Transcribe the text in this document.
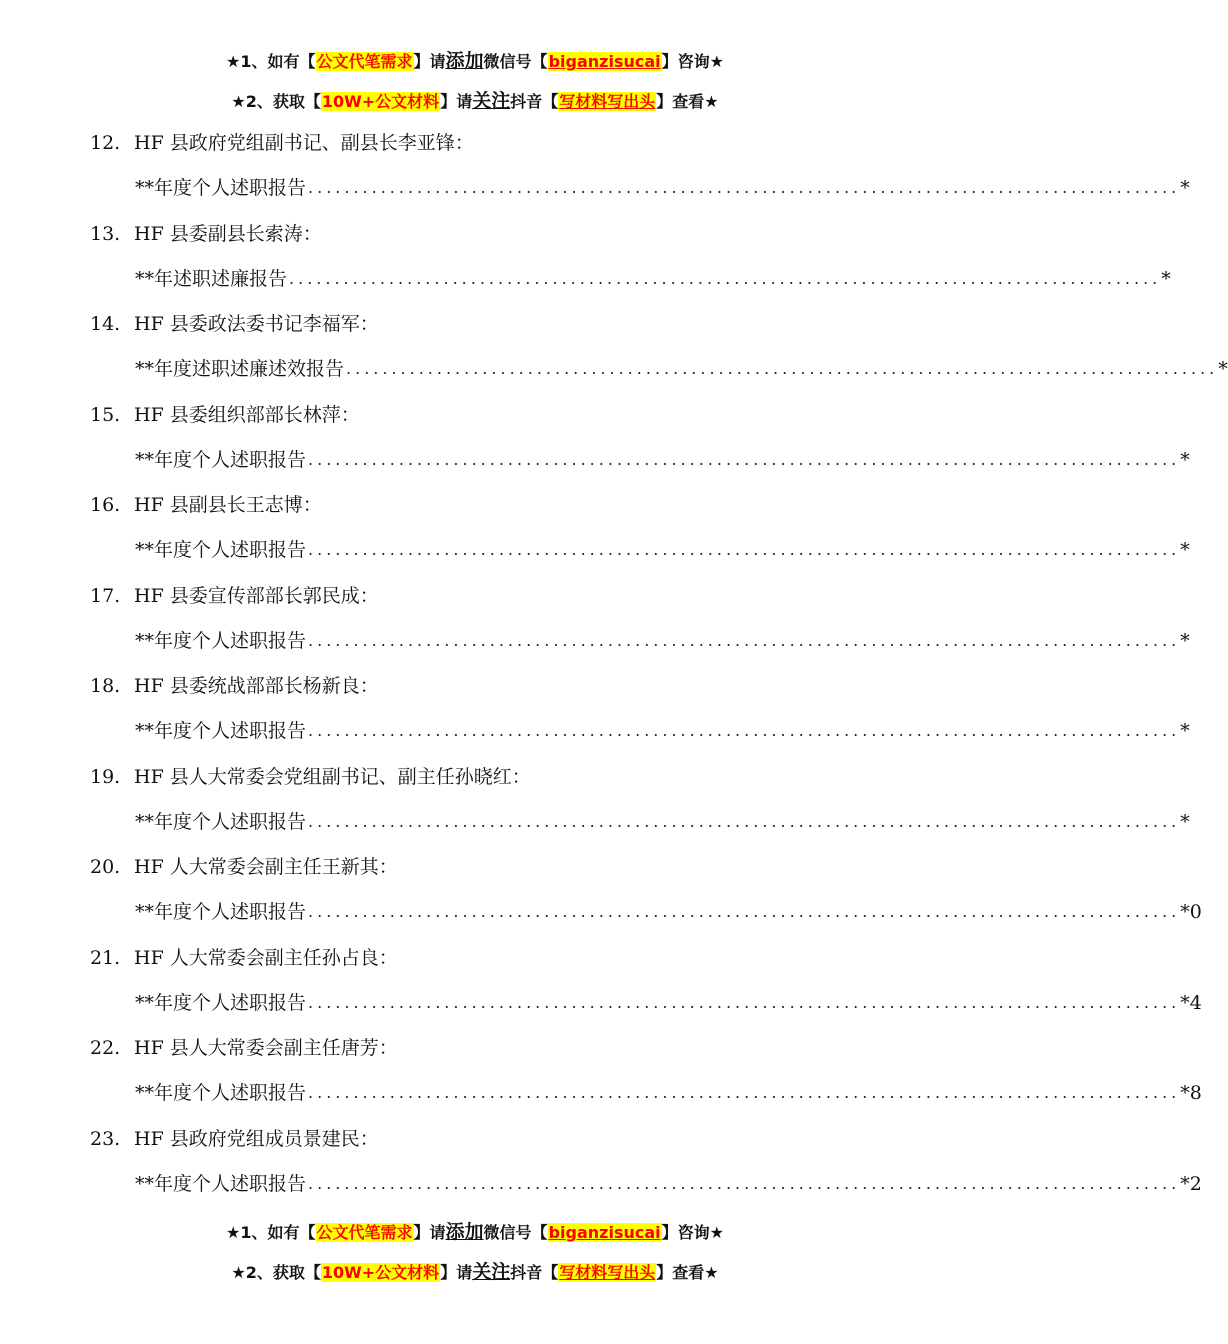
★1、如有【公文代笔需求】请添加微信号【biganzisucai】咨询★
★2、获取【10W+公文材料】请关注抖音【写材料写出头】查看★
12. HF 县政府党组副书记、副县长李亚锋：
**年度个人述职报告 ................................................................................................ *
13. HF 县委副县长索涛：
**年述职述廉报告 ................................................................................................ *
14. HF 县委政法委书记李福军：
**年度述职述廉述效报告 ................................................................................................ *
15. HF 县委组织部部长林萍：
**年度个人述职报告 ................................................................................................ *
16. HF 县副县长王志博：
**年度个人述职报告 ................................................................................................ *
17. HF 县委宣传部部长郭民成：
**年度个人述职报告 ................................................................................................ *
18. HF 县委统战部部长杨新良：
**年度个人述职报告 ................................................................................................ *
19. HF 县人大常委会党组副书记、副主任孙晓红：
**年度个人述职报告 ................................................................................................ *
20. HF 人大常委会副主任王新其：
**年度个人述职报告 ................................................................................................ *0
21. HF 人大常委会副主任孙占良：
**年度个人述职报告 ................................................................................................ *4
22. HF 县人大常委会副主任唐芳：
**年度个人述职报告 ................................................................................................ *8
23. HF 县政府党组成员景建民：
**年度个人述职报告 ................................................................................................ *2
★1、如有【公文代笔需求】请添加微信号【biganzisucai】咨询★
★2、获取【10W+公文材料】请关注抖音【写材料写出头】查看★
